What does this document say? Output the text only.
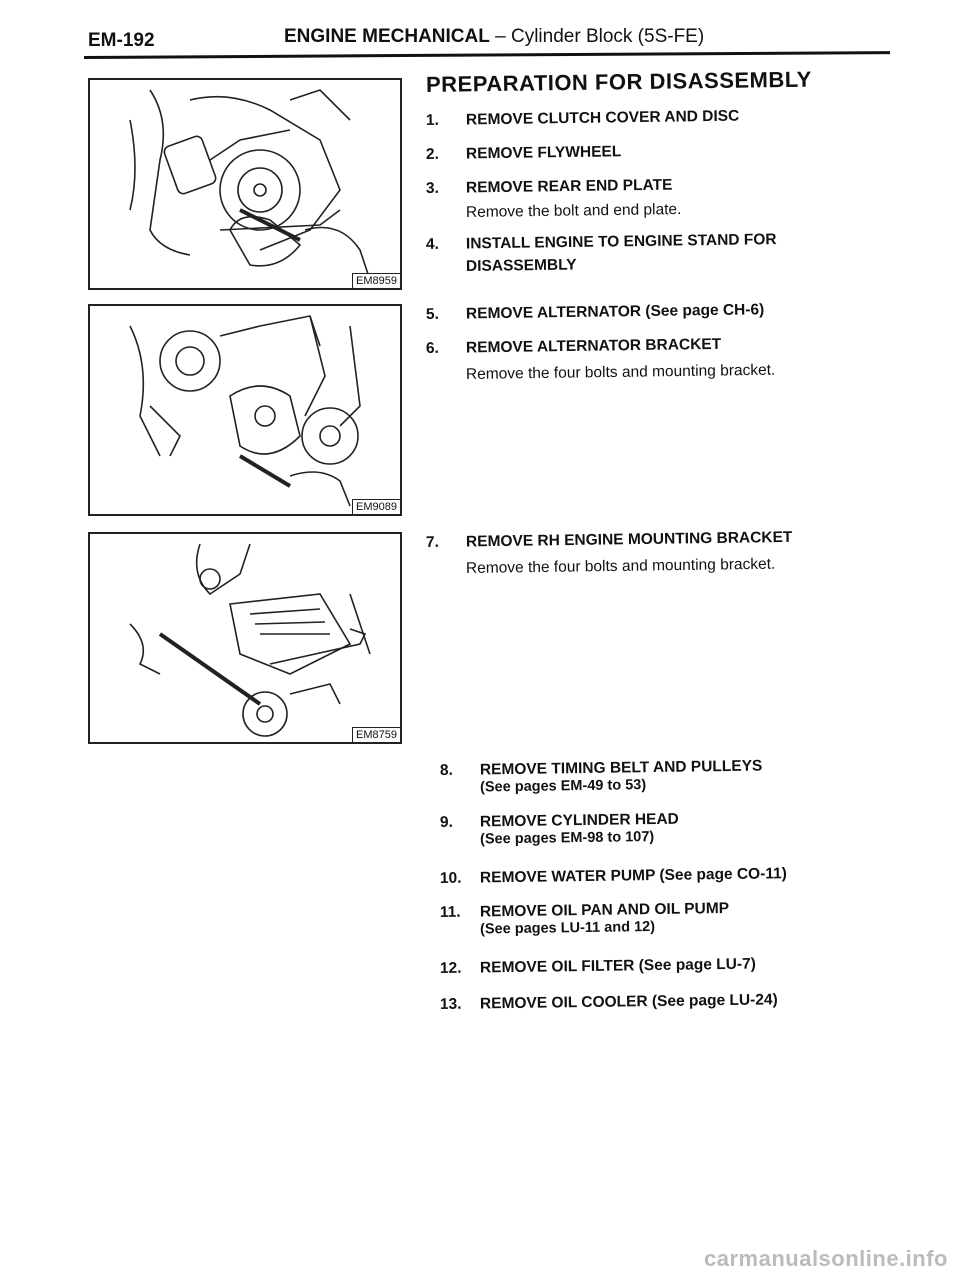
EM-192	ENGINE MECHANICAL – Cylinder Block (5S-FE)
EM8959
EM9089
EM8759
PREPARATION FOR DISASSEMBLY
1. REMOVE CLUTCH COVER AND DISC
2. REMOVE FLYWHEEL
3. REMOVE REAR END PLATE
Remove the bolt and end plate.
4. INSTALL ENGINE TO ENGINE STAND FOR
DISASSEMBLY
5. REMOVE ALTERNATOR (See page CH-6)
6. REMOVE ALTERNATOR BRACKET
Remove the four bolts and mounting bracket.
7. REMOVE RH ENGINE MOUNTING BRACKET
Remove the four bolts and mounting bracket.
8. REMOVE TIMING BELT AND PULLEYS
(See pages EM-49 to 53)
9. REMOVE CYLINDER HEAD
(See pages EM-98 to 107)
10. REMOVE WATER PUMP (See page CO-11)
11. REMOVE OIL PAN AND OIL PUMP
(See pages LU-11 and 12)
12. REMOVE OIL FILTER (See page LU-7)
13. REMOVE OIL COOLER (See page LU-24)
carmanualsonline.info
